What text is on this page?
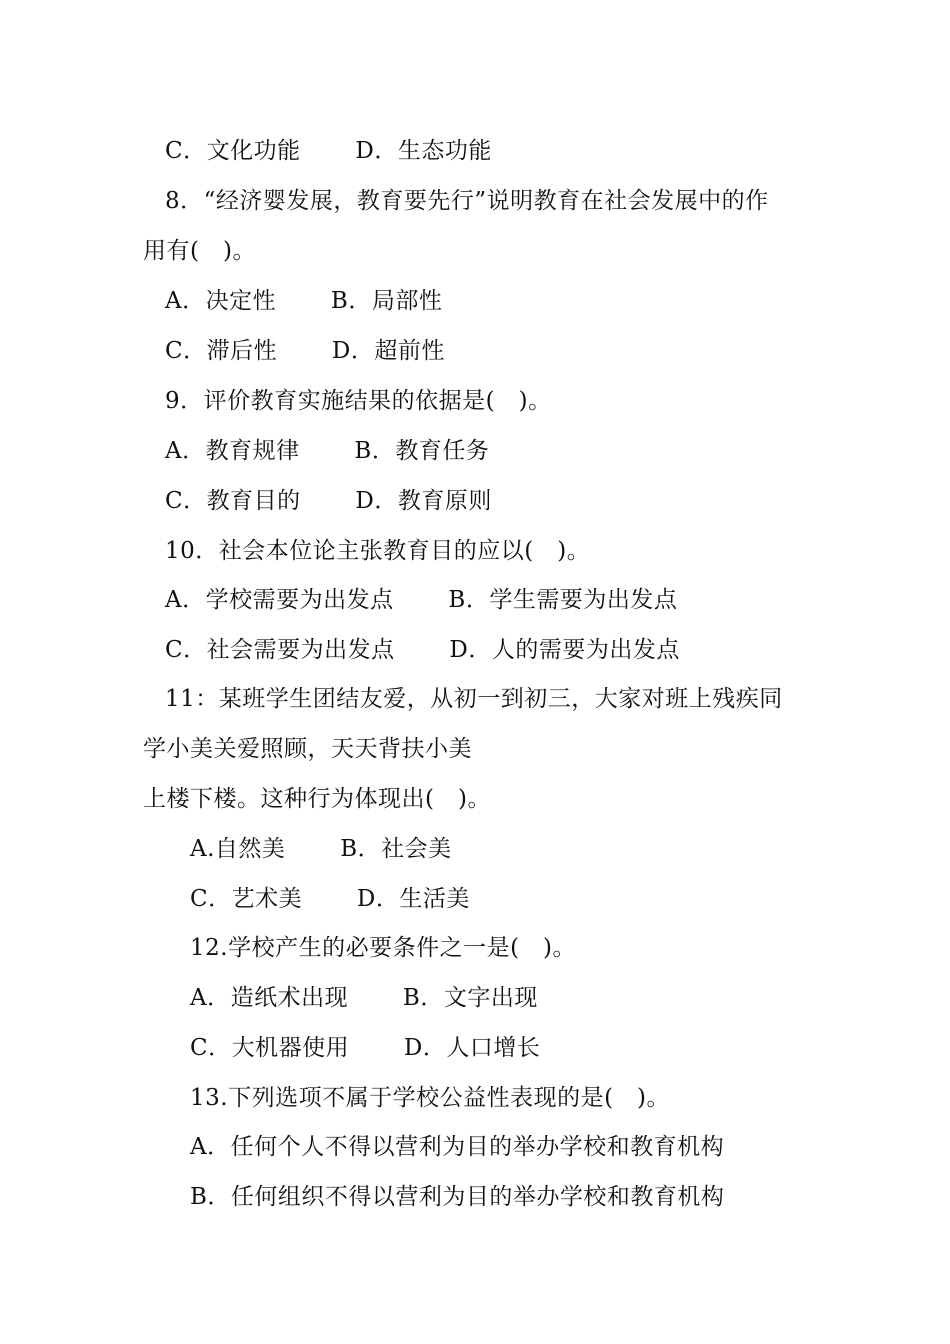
C．文化功能　　 D．生态功能
8．“经济婴发展，教育要先行”说明教育在社会发展中的作
用有(　)。
A．决定性　　 B．局部性
C．滞后性　　 D．超前性
9．评价教育实施结果的依据是(　)。
A．教育规律　　 B．教育任务
C．教育目的　　 D．教育原则
10．社会本位论主张教育目的应以(　)。
A．学校需要为出发点　　 B．学生需要为出发点
C．社会需要为出发点　　 D．人的需要为出发点
11：某班学生团结友爱，从初一到初三，大家对班上残疾同
学小美关爱照顾，天天背扶小美
上楼下楼。这种行为体现出(　)。
A.自然美　　 B．社会美
C．艺术美　　 D．生活美
12.学校产生的必要条件之一是(　)。
A．造纸术出现　　 B．文字出现
C．大机器使用　　 D．人口增长
13.下列选项不属于学校公益性表现的是(　)。
A．任何个人不得以营利为目的举办学校和教育机构
B．任何组织不得以营利为目的举办学校和教育机构
